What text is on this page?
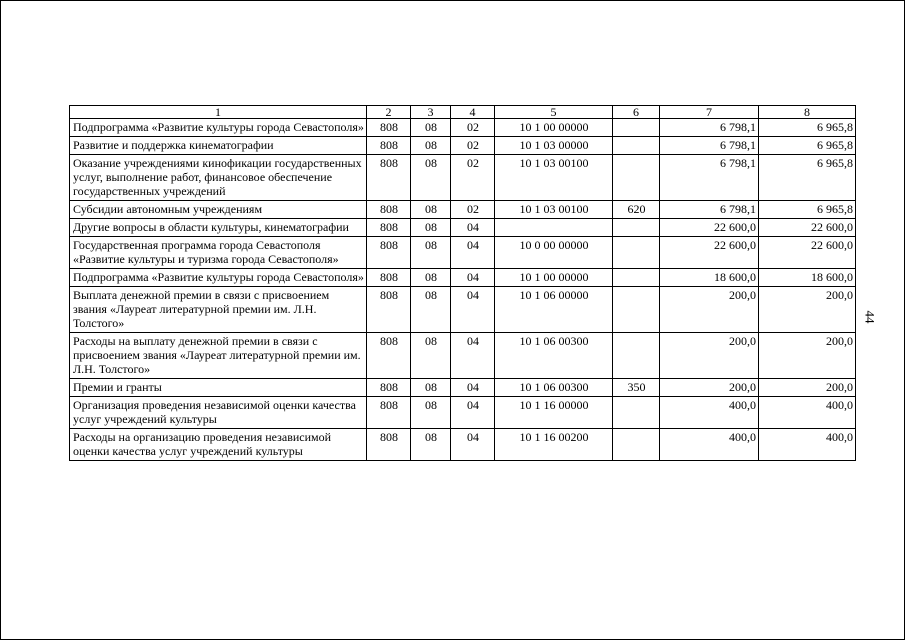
1	2	3	4	5	6	7	8
Подпрограмма «Развитие культуры города Севастополя»	808	08	02	10 1 00 00000		6 798,1	6 965,8
Развитие и поддержка кинематографии	808	08	02	10 1 03 00000		6 798,1	6 965,8
Оказание учреждениями кинофикации государственных услуг, выполнение работ, финансовое обеспечение государственных учреждений	808	08	02	10 1 03 00100		6 798,1	6 965,8
Субсидии автономным учреждениям	808	08	02	10 1 03 00100	620	6 798,1	6 965,8
Другие вопросы в области культуры, кинематографии	808	08	04			22 600,0	22 600,0
Государственная программа города Севастополя «Развитие культуры и туризма города Севастополя»	808	08	04	10 0 00 00000		22 600,0	22 600,0
Подпрограмма «Развитие культуры города Севастополя»	808	08	04	10 1 00 00000		18 600,0	18 600,0
Выплата денежной премии в связи с присвоением звания «Лауреат литературной премии им. Л.Н. Толстого»	808	08	04	10 1 06 00000		200,0	200,0
Расходы на выплату денежной премии в связи с присвоением звания «Лауреат литературной премии им. Л.Н. Толстого»	808	08	04	10 1 06 00300		200,0	200,0
Премии и гранты	808	08	04	10 1 06 00300	350	200,0	200,0
Организация проведения независимой оценки качества услуг учреждений культуры	808	08	04	10 1 16 00000		400,0	400,0
Расходы на организацию проведения независимой оценки качества услуг учреждений культуры	808	08	04	10 1 16 00200		400,0	400,0
44
